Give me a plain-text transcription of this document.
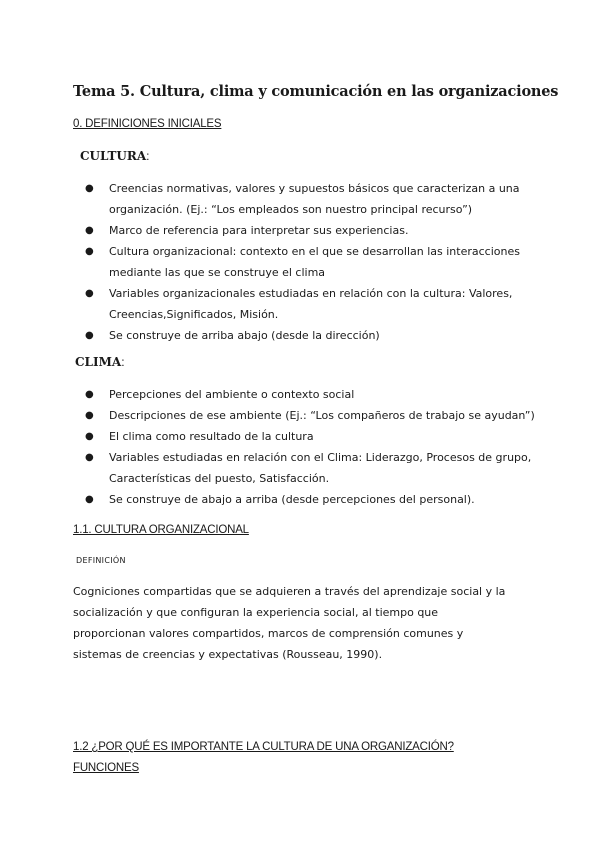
Tema 5. Cultura, clima y comunicación en las organizaciones
0. DEFINICIONES INICIALES
CULTURA:
● Creencias normativas, valores y supuestos básicos que caracterizan a una organización. (Ej.: “Los empleados son nuestro principal recurso”)
● Marco de referencia para interpretar sus experiencias.
● Cultura organizacional: contexto en el que se desarrollan las interacciones mediante las que se construye el clima
● Variables organizacionales estudiadas en relación con la cultura: Valores, Creencias,Significados, Misión.
● Se construye de arriba abajo (desde la dirección)
CLIMA:
● Percepciones del ambiente o contexto social
● Descripciones de ese ambiente (Ej.: “Los compañeros de trabajo se ayudan”)
● El clima como resultado de la cultura
● Variables estudiadas en relación con el Clima: Liderazgo, Procesos de grupo, Características del puesto, Satisfacción.
● Se construye de abajo a arriba (desde percepciones del personal).
1.1. CULTURA ORGANIZACIONAL
DEFINICIÓN

Cogniciones compartidas que se adquieren a través del aprendizaje social y la socialización y que configuran la experiencia social, al tiempo que proporcionan valores compartidos, marcos de comprensión comunes y sistemas de creencias y expectativas (Rousseau, 1990).

1.2 ¿POR QUÉ ES IMPORTANTE LA CULTURA DE UNA ORGANIZACIÓN?
FUNCIONES
